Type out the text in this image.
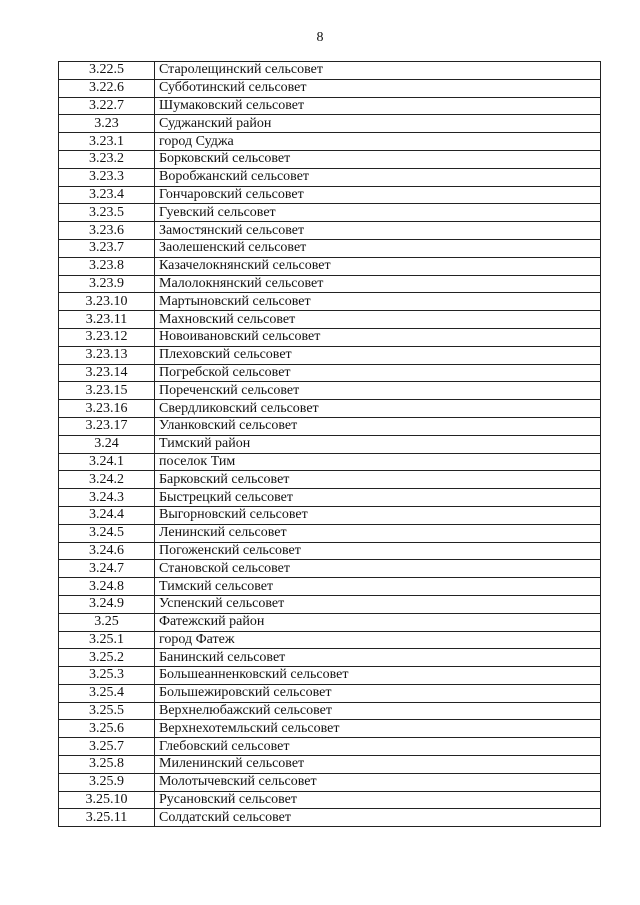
8
3.22.5	Старолещинский сельсовет
3.22.6	Субботинский сельсовет
3.22.7	Шумаковский сельсовет
3.23	Суджанский район
3.23.1	город Суджа
3.23.2	Борковский сельсовет
3.23.3	Воробжанский сельсовет
3.23.4	Гончаровский сельсовет
3.23.5	Гуевский сельсовет
3.23.6	Замостянский сельсовет
3.23.7	Заолешенский сельсовет
3.23.8	Казачелокнянский сельсовет
3.23.9	Малолокнянский сельсовет
3.23.10	Мартыновский сельсовет
3.23.11	Махновский сельсовет
3.23.12	Новоивановский сельсовет
3.23.13	Плеховский сельсовет
3.23.14	Погребской сельсовет
3.23.15	Пореченский сельсовет
3.23.16	Свердликовский сельсовет
3.23.17	Уланковский сельсовет
3.24	Тимский район
3.24.1	поселок Тим
3.24.2	Барковский сельсовет
3.24.3	Быстрецкий сельсовет
3.24.4	Выгорновский сельсовет
3.24.5	Ленинский сельсовет
3.24.6	Погоженский сельсовет
3.24.7	Становской сельсовет
3.24.8	Тимский сельсовет
3.24.9	Успенский сельсовет
3.25	Фатежский район
3.25.1	город Фатеж
3.25.2	Банинский сельсовет
3.25.3	Большеанненковский сельсовет
3.25.4	Большежировский сельсовет
3.25.5	Верхнелюбажский сельсовет
3.25.6	Верхнехотемльский сельсовет
3.25.7	Глебовский сельсовет
3.25.8	Миленинский сельсовет
3.25.9	Молотычевский сельсовет
3.25.10	Русановский сельсовет
3.25.11	Солдатский сельсовет
